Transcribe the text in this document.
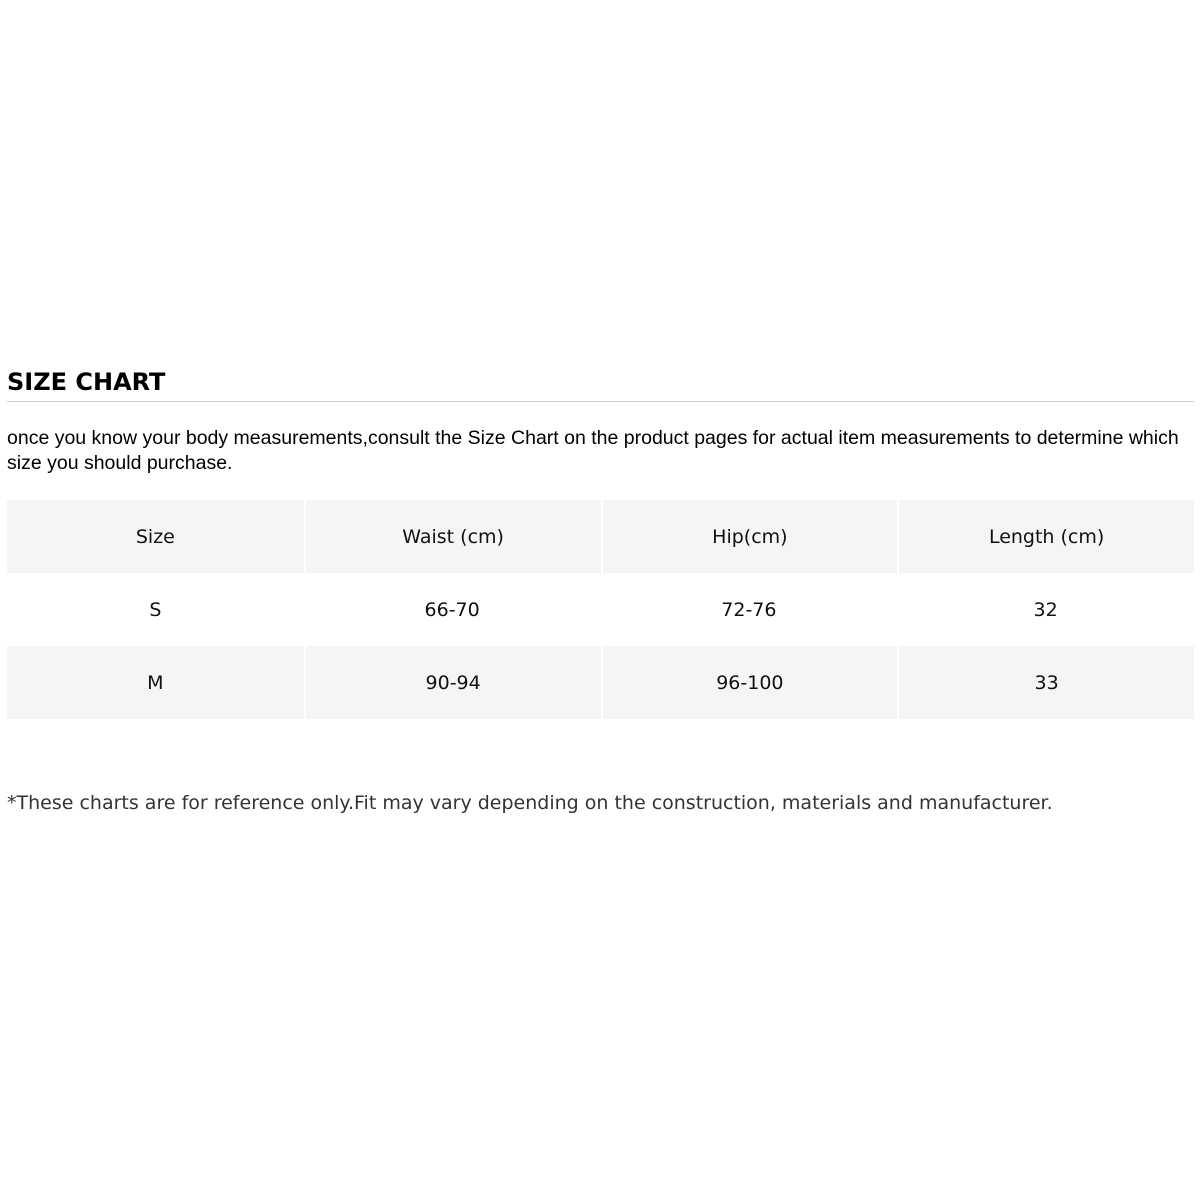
SIZE CHART
once you know your body measurements,consult the Size Chart on the product pages for actual item measurements to determine which size you should purchase.
Size	Waist (cm)	Hip(cm)	Length (cm)
S	66-70	72-76	32
M	90-94	96-100	33
*These charts are for reference only.Fit may vary depending on the construction, materials and manufacturer.
